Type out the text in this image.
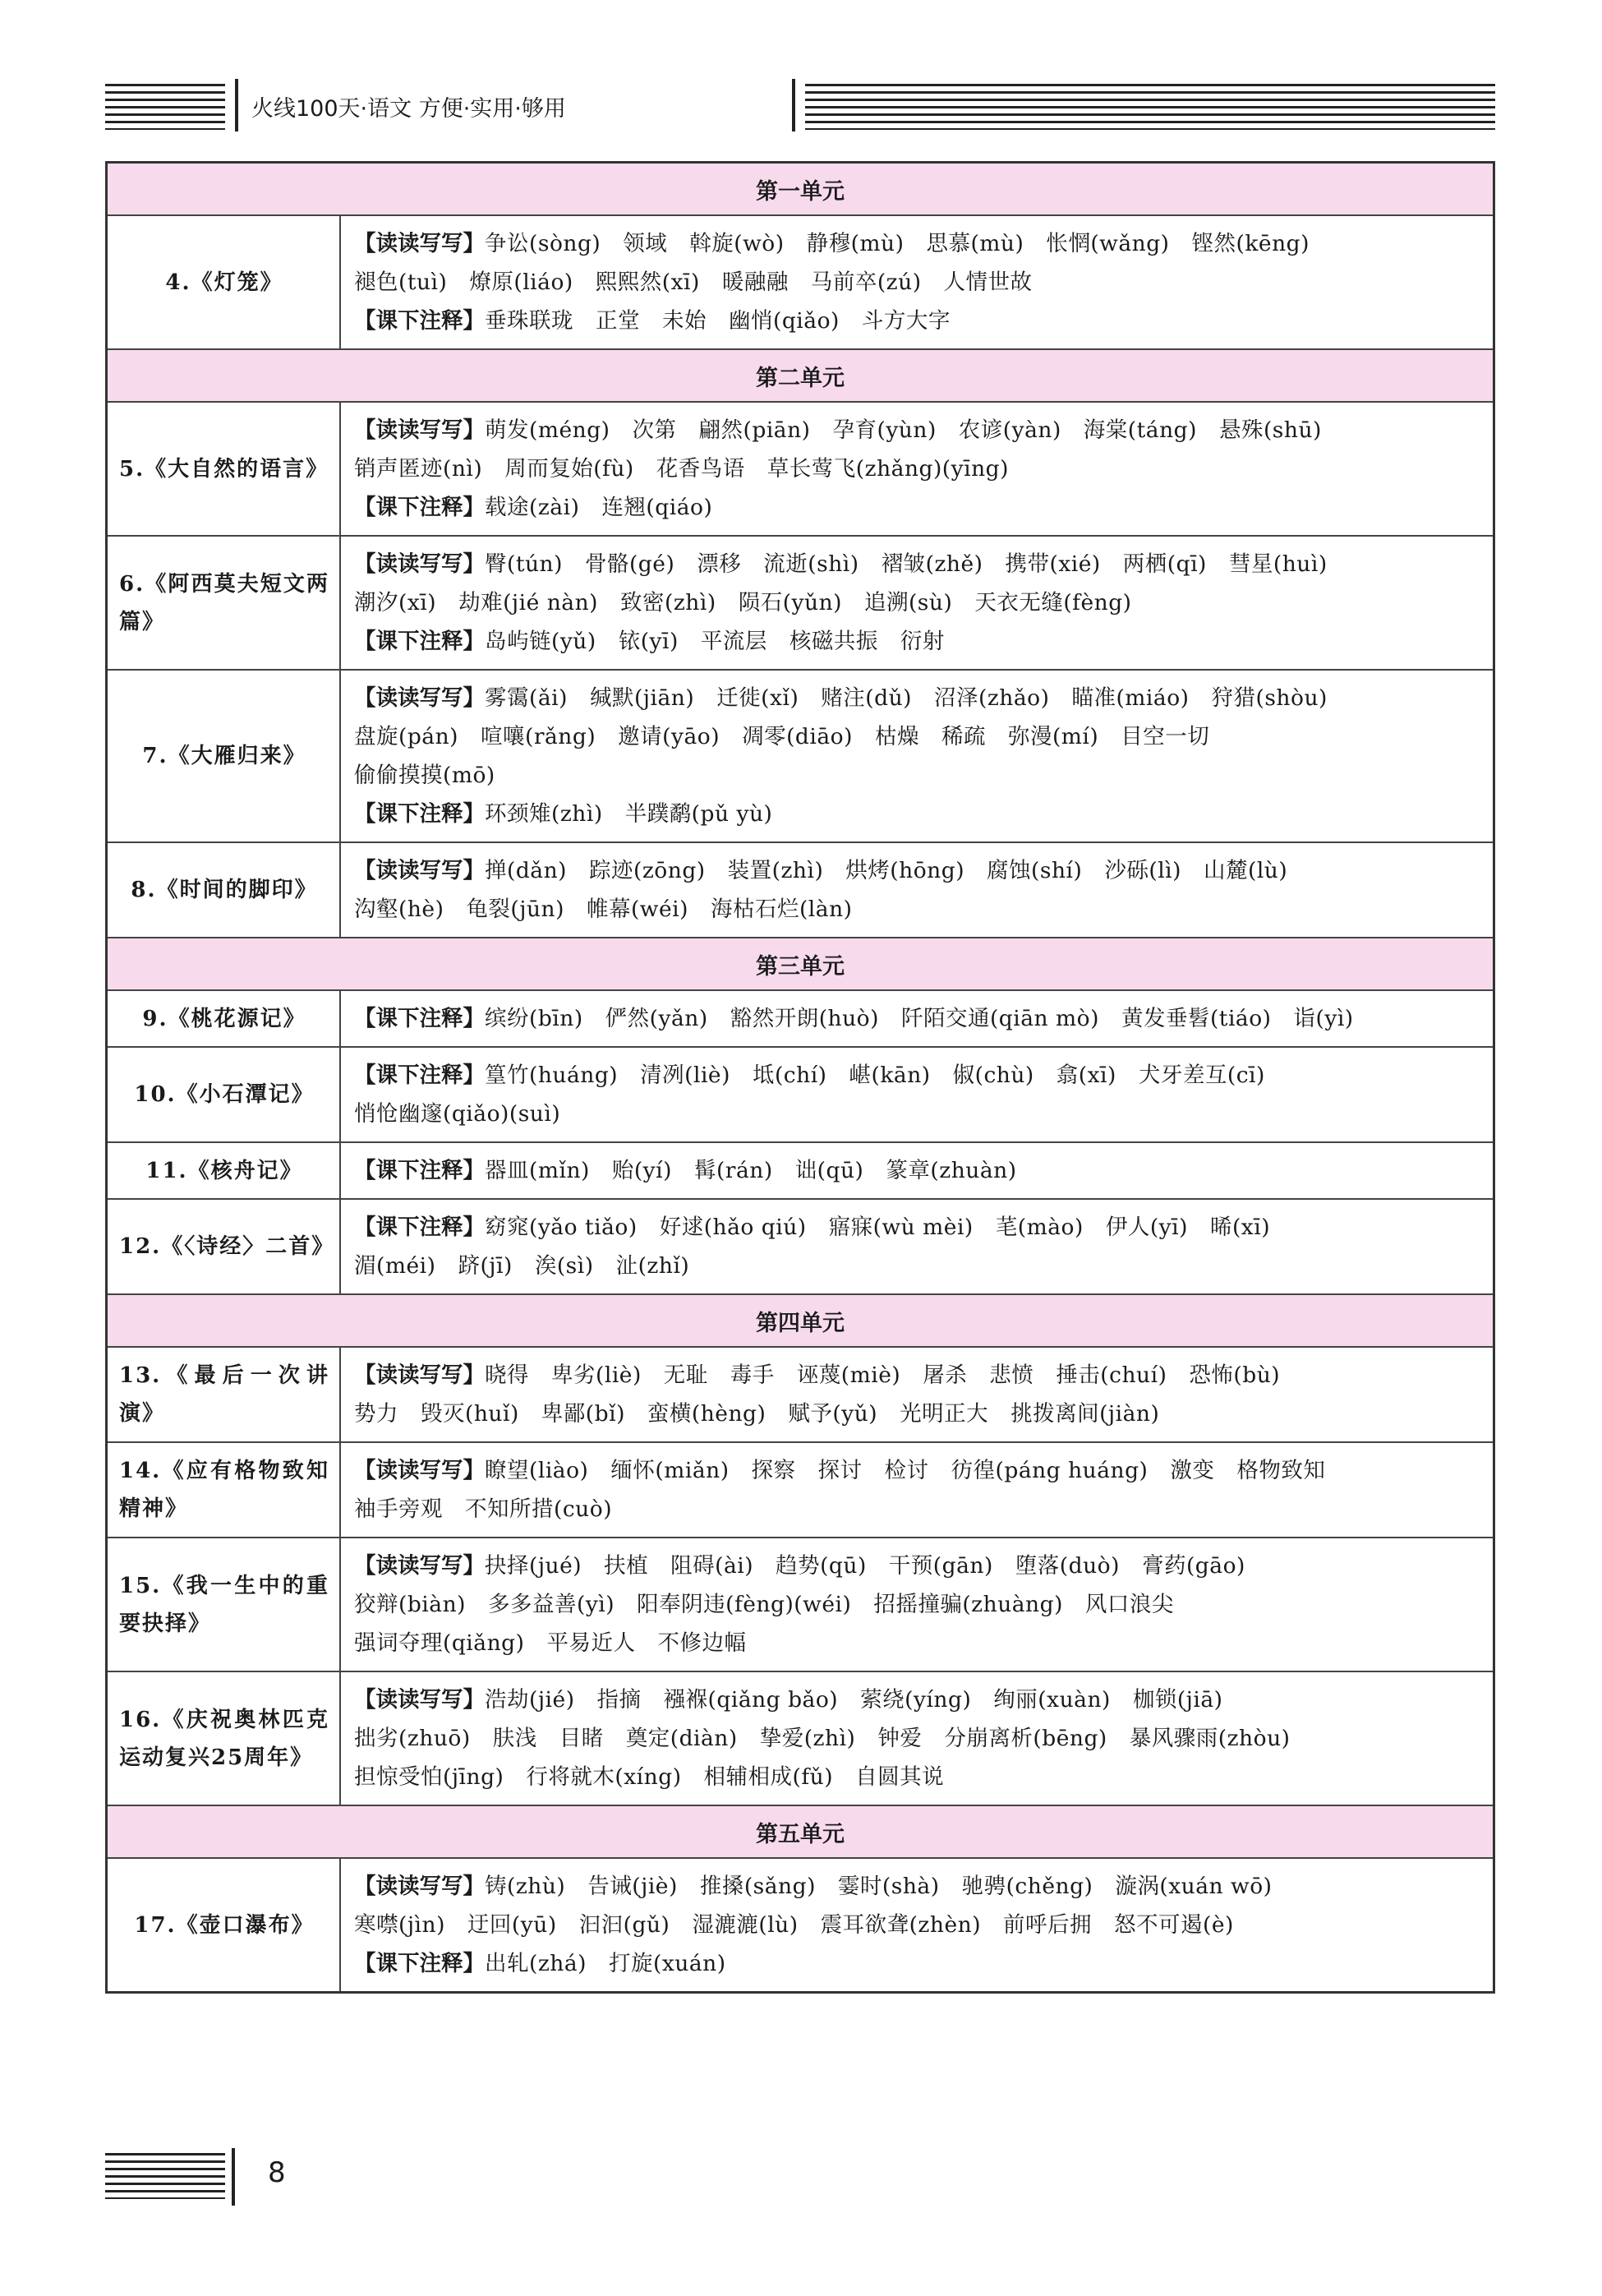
火线100天·语文 方便·实用·够用
第一单元
4.《灯笼》
【读读写写】争讼(sòng)　领域　斡旋(wò)　静穆(mù)　思慕(mù)　怅惘(wǎng)　铿然(kēng)
褪色(tuì)　燎原(liáo)　熙熙然(xī)　暖融融　马前卒(zú)　人情世故
【课下注释】垂珠联珑　正堂　未始　幽悄(qiǎo)　斗方大字
第二单元
5.《大自然的语言》
【读读写写】萌发(méng)　次第　翩然(piān)　孕育(yùn)　农谚(yàn)　海棠(táng)　悬殊(shū)
销声匿迹(nì)　周而复始(fù)　花香鸟语　草长莺飞(zhǎng)(yīng)
【课下注释】载途(zài)　连翘(qiáo)
6.《阿西莫夫短文两篇》
【读读写写】臀(tún)　骨骼(gé)　漂移　流逝(shì)　褶皱(zhě)　携带(xié)　两栖(qī)　彗星(huì)
潮汐(xī)　劫难(jié nàn)　致密(zhì)　陨石(yǔn)　追溯(sù)　天衣无缝(fèng)
【课下注释】岛屿链(yǔ)　铱(yī)　平流层　核磁共振　衍射
7.《大雁归来》
【读读写写】雾霭(ǎi)　缄默(jiān)　迁徙(xǐ)　赌注(dǔ)　沼泽(zhǎo)　瞄准(miáo)　狩猎(shòu)
盘旋(pán)　喧嚷(rǎng)　邀请(yāo)　凋零(diāo)　枯燥　稀疏　弥漫(mí)　目空一切
偷偷摸摸(mō)
【课下注释】环颈雉(zhì)　半蹼鹬(pǔ yù)
8.《时间的脚印》
【读读写写】掸(dǎn)　踪迹(zōng)　装置(zhì)　烘烤(hōng)　腐蚀(shí)　沙砾(lì)　山麓(lù)
沟壑(hè)　龟裂(jūn)　帷幕(wéi)　海枯石烂(làn)
第三单元
9.《桃花源记》	【课下注释】缤纷(bīn)　俨然(yǎn)　豁然开朗(huò)　阡陌交通(qiān mò)　黄发垂髫(tiáo)　诣(yì)
10.《小石潭记》
【课下注释】篁竹(huáng)　清冽(liè)　坻(chí)　嵁(kān)　俶(chù)　翕(xī)　犬牙差互(cī)
悄怆幽邃(qiǎo)(suì)
11.《核舟记》	【课下注释】器皿(mǐn)　贻(yí)　髯(rán)　诎(qū)　篆章(zhuàn)
12.《〈诗经〉二首》
【课下注释】窈窕(yǎo tiǎo)　好逑(hǎo qiú)　寤寐(wù mèi)　芼(mào)　伊人(yī)　晞(xī)
湄(méi)　跻(jī)　涘(sì)　沚(zhǐ)
第四单元
13.《最后一次讲演》
【读读写写】晓得　卑劣(liè)　无耻　毒手　诬蔑(miè)　屠杀　悲愤　捶击(chuí)　恐怖(bù)
势力　毁灭(huǐ)　卑鄙(bǐ)　蛮横(hèng)　赋予(yǔ)　光明正大　挑拨离间(jiàn)
14.《应有格物致知精神》
【读读写写】瞭望(liào)　缅怀(miǎn)　探察　探讨　检讨　彷徨(páng huáng)　激变　格物致知
袖手旁观　不知所措(cuò)
15.《我一生中的重要抉择》
【读读写写】抉择(jué)　扶植　阻碍(ài)　趋势(qū)　干预(gān)　堕落(duò)　膏药(gāo)
狡辩(biàn)　多多益善(yì)　阳奉阴违(fèng)(wéi)　招摇撞骗(zhuàng)　风口浪尖
强词夺理(qiǎng)　平易近人　不修边幅
16.《庆祝奥林匹克运动复兴25周年》
【读读写写】浩劫(jié)　指摘　襁褓(qiǎng bǎo)　萦绕(yíng)　绚丽(xuàn)　枷锁(jiā)
拙劣(zhuō)　肤浅　目睹　奠定(diàn)　挚爱(zhì)　钟爱　分崩离析(bēng)　暴风骤雨(zhòu)
担惊受怕(jīng)　行将就木(xíng)　相辅相成(fǔ)　自圆其说
第五单元
17.《壶口瀑布》
【读读写写】铸(zhù)　告诫(jiè)　推搡(sǎng)　霎时(shà)　驰骋(chěng)　漩涡(xuán wō)
寒噤(jìn)　迂回(yū)　汩汩(gǔ)　湿漉漉(lù)　震耳欲聋(zhèn)　前呼后拥　怒不可遏(è)
【课下注释】出轧(zhá)　打旋(xuán)
8
